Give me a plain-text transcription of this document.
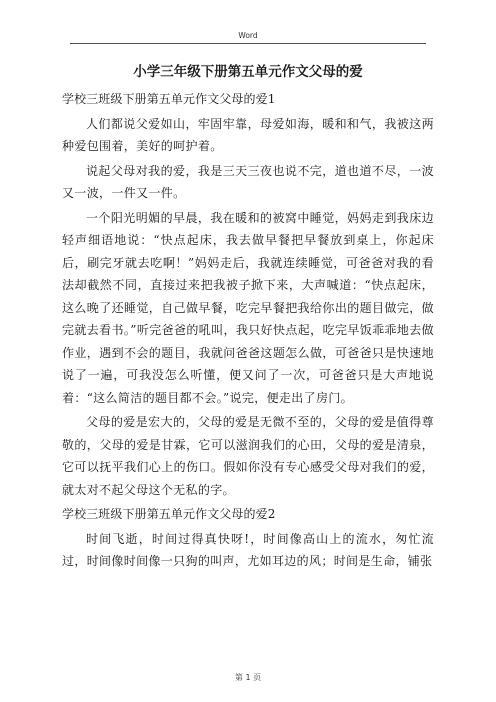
Word
小学三年级下册第五单元作文父母的爱
学校三班级下册第五单元作文父母的爱1
人们都说父爱如山，牢固牢靠，母爱如海，暖和和气，我被这两种爱包围着，美好的呵护着。
说起父母对我的爱，我是三天三夜也说不完，道也道不尽，一波又一波，一件又一件。
一个阳光明媚的早晨，我在暖和的被窝中睡觉，妈妈走到我床边轻声细语地说：“快点起床，我去做早餐把早餐放到桌上，你起床后，刷完牙就去吃啊！”妈妈走后，我就连续睡觉，可爸爸对我的看法却截然不同，直接过来把我被子掀下来，大声喊道：“快点起床，这么晚了还睡觉，自己做早餐，吃完早餐把我给你出的题目做完，做完就去看书。”听完爸爸的吼叫，我只好快点起，吃完早饭乖乖地去做作业，遇到不会的题目，我就问爸爸这题怎么做，可爸爸只是快速地说了一遍，可我没怎么听懂，便又问了一次，可爸爸只是大声地说着：“这么简洁的题目都不会。”说完，便走出了房门。
父母的爱是宏大的，父母的爱是无微不至的，父母的爱是值得尊敬的，父母的爱是甘霖，它可以滋润我们的心田，父母的爱是清泉，它可以抚平我们心上的伤口。假如你没有专心感受父母对我们的爱，就太对不起父母这个无私的字。
学校三班级下册第五单元作文父母的爱2
时间飞逝，时间过得真快呀!，时间像高山上的流水，匆忙流过，时间像时间像一只狗的叫声，尤如耳边的风；时间是生命，铺张
第 1 页
